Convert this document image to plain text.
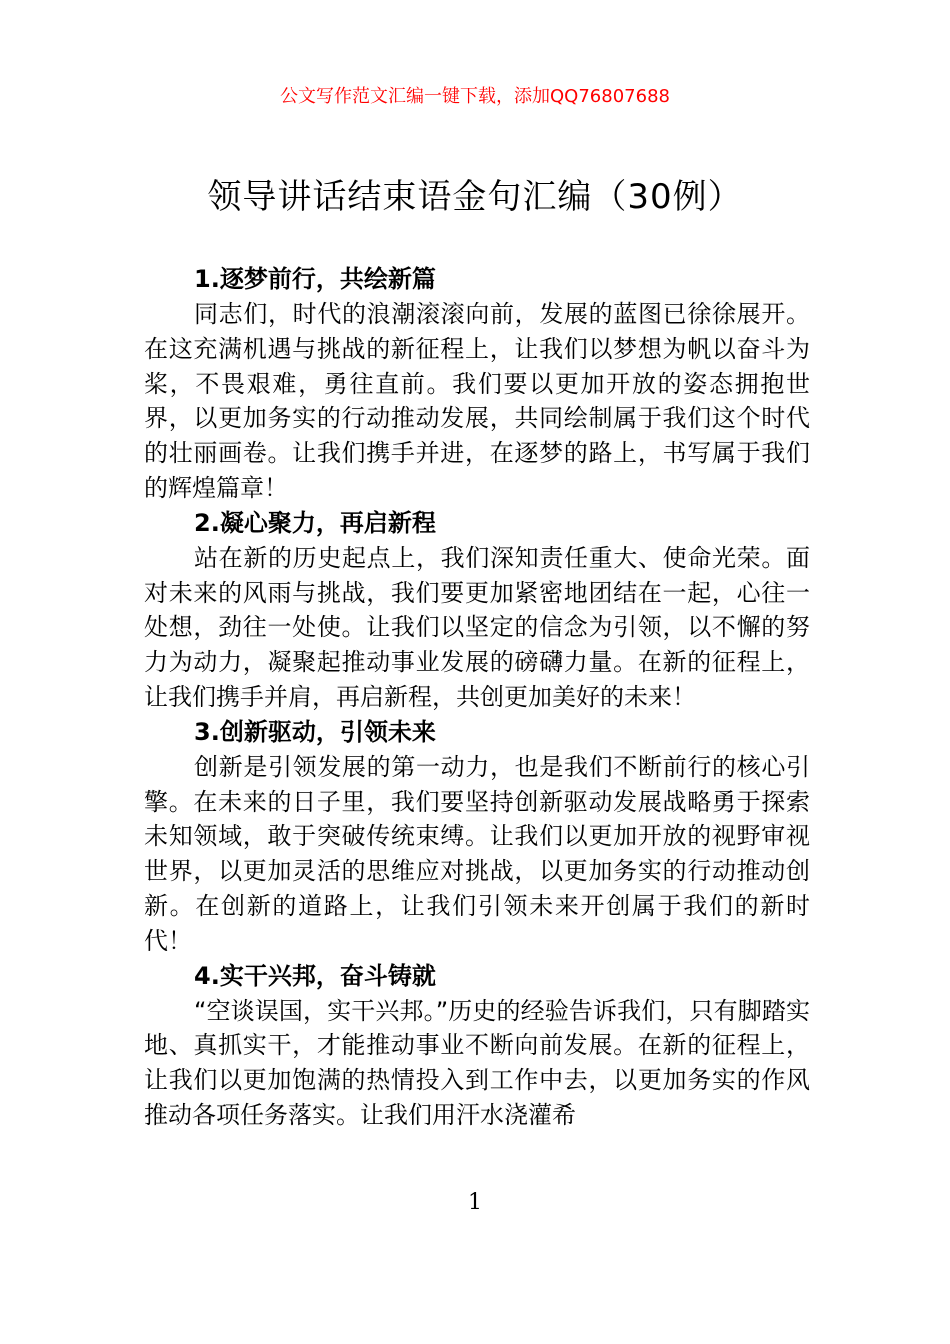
公文写作范文汇编一键下载，添加QQ76807688
领导讲话结束语金句汇编（30例）

1.逐梦前行，共绘新篇

同志们，时代的浪潮滚滚向前，发展的蓝图已徐徐展开。在这充满机遇与挑战的新征程上，让我们以梦想为帆以奋斗为桨，不畏艰难，勇往直前。我们要以更加开放的姿态拥抱世界，以更加务实的行动推动发展，共同绘制属于我们这个时代的壮丽画卷。让我们携手并进，在逐梦的路上，书写属于我们的辉煌篇章！

2.凝心聚力，再启新程

站在新的历史起点上，我们深知责任重大、使命光荣。面对未来的风雨与挑战，我们要更加紧密地团结在一起，心往一处想，劲往一处使。让我们以坚定的信念为引领，以不懈的努力为动力，凝聚起推动事业发展的磅礴力量。在新的征程上，让我们携手并肩，再启新程，共创更加美好的未来！

3.创新驱动，引领未来

创新是引领发展的第一动力，也是我们不断前行的核心引擎。在未来的日子里，我们要坚持创新驱动发展战略勇于探索未知领域，敢于突破传统束缚。让我们以更加开放的视野审视世界，以更加灵活的思维应对挑战，以更加务实的行动推动创新。在创新的道路上，让我们引领未来开创属于我们的新时代！

4.实干兴邦，奋斗铸就

“空谈误国，实干兴邦。”历史的经验告诉我们，只有脚踏实地、真抓实干，才能推动事业不断向前发展。在新的征程上，让我们以更加饱满的热情投入到工作中去，以更加务实的作风推动各项任务落实。让我们用汗水浇灌希

1
